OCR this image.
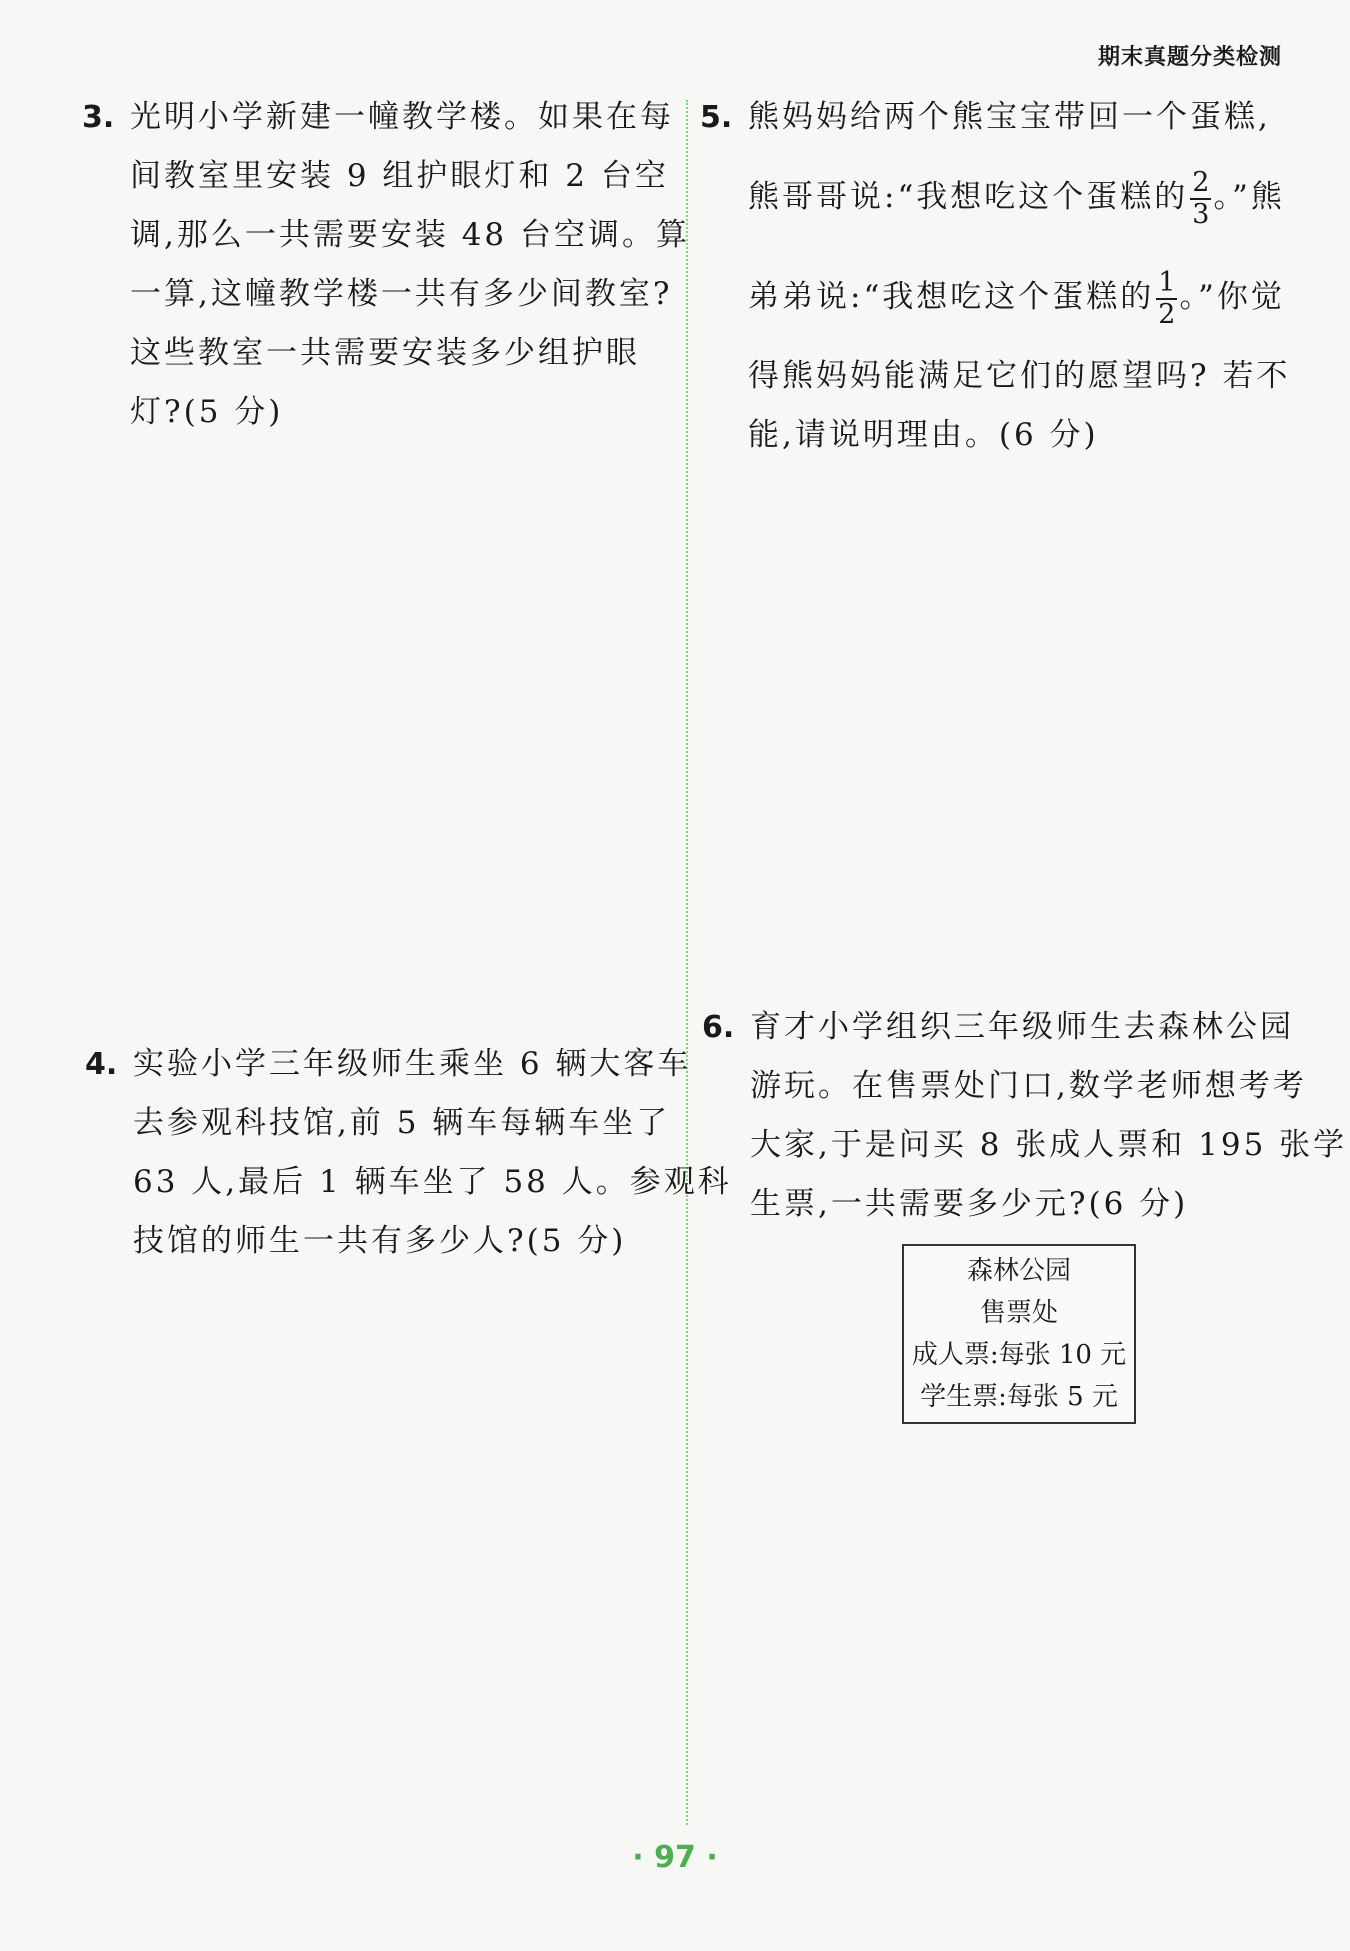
期末真题分类检测
3. 光明小学新建一幢教学楼。如果在每
间教室里安装 9 组护眼灯和 2 台空
调,那么一共需要安装 48 台空调。算
一算,这幢教学楼一共有多少间教室?
这些教室一共需要安装多少组护眼
灯?(5 分)
4. 实验小学三年级师生乘坐 6 辆大客车
去参观科技馆,前 5 辆车每辆车坐了
63 人,最后 1 辆车坐了 58 人。参观科
技馆的师生一共有多少人?(5 分)
5. 熊妈妈给两个熊宝宝带回一个蛋糕,
熊哥哥说:“我想吃这个蛋糕的 $\frac{2}{3}$ 。”熊
弟弟说:“我想吃这个蛋糕的 $\frac{1}{2}$ 。”你觉
得熊妈妈能满足它们的愿望吗? 若不
能,请说明理由。(6 分)
6. 育才小学组织三年级师生去森林公园
游玩。在售票处门口,数学老师想考考
大家,于是问买 8 张成人票和 195 张学
生票,一共需要多少元?(6 分)
森林公园
售票处
成人票:每张 10 元
学生票:每张 5 元
· 97 ·
